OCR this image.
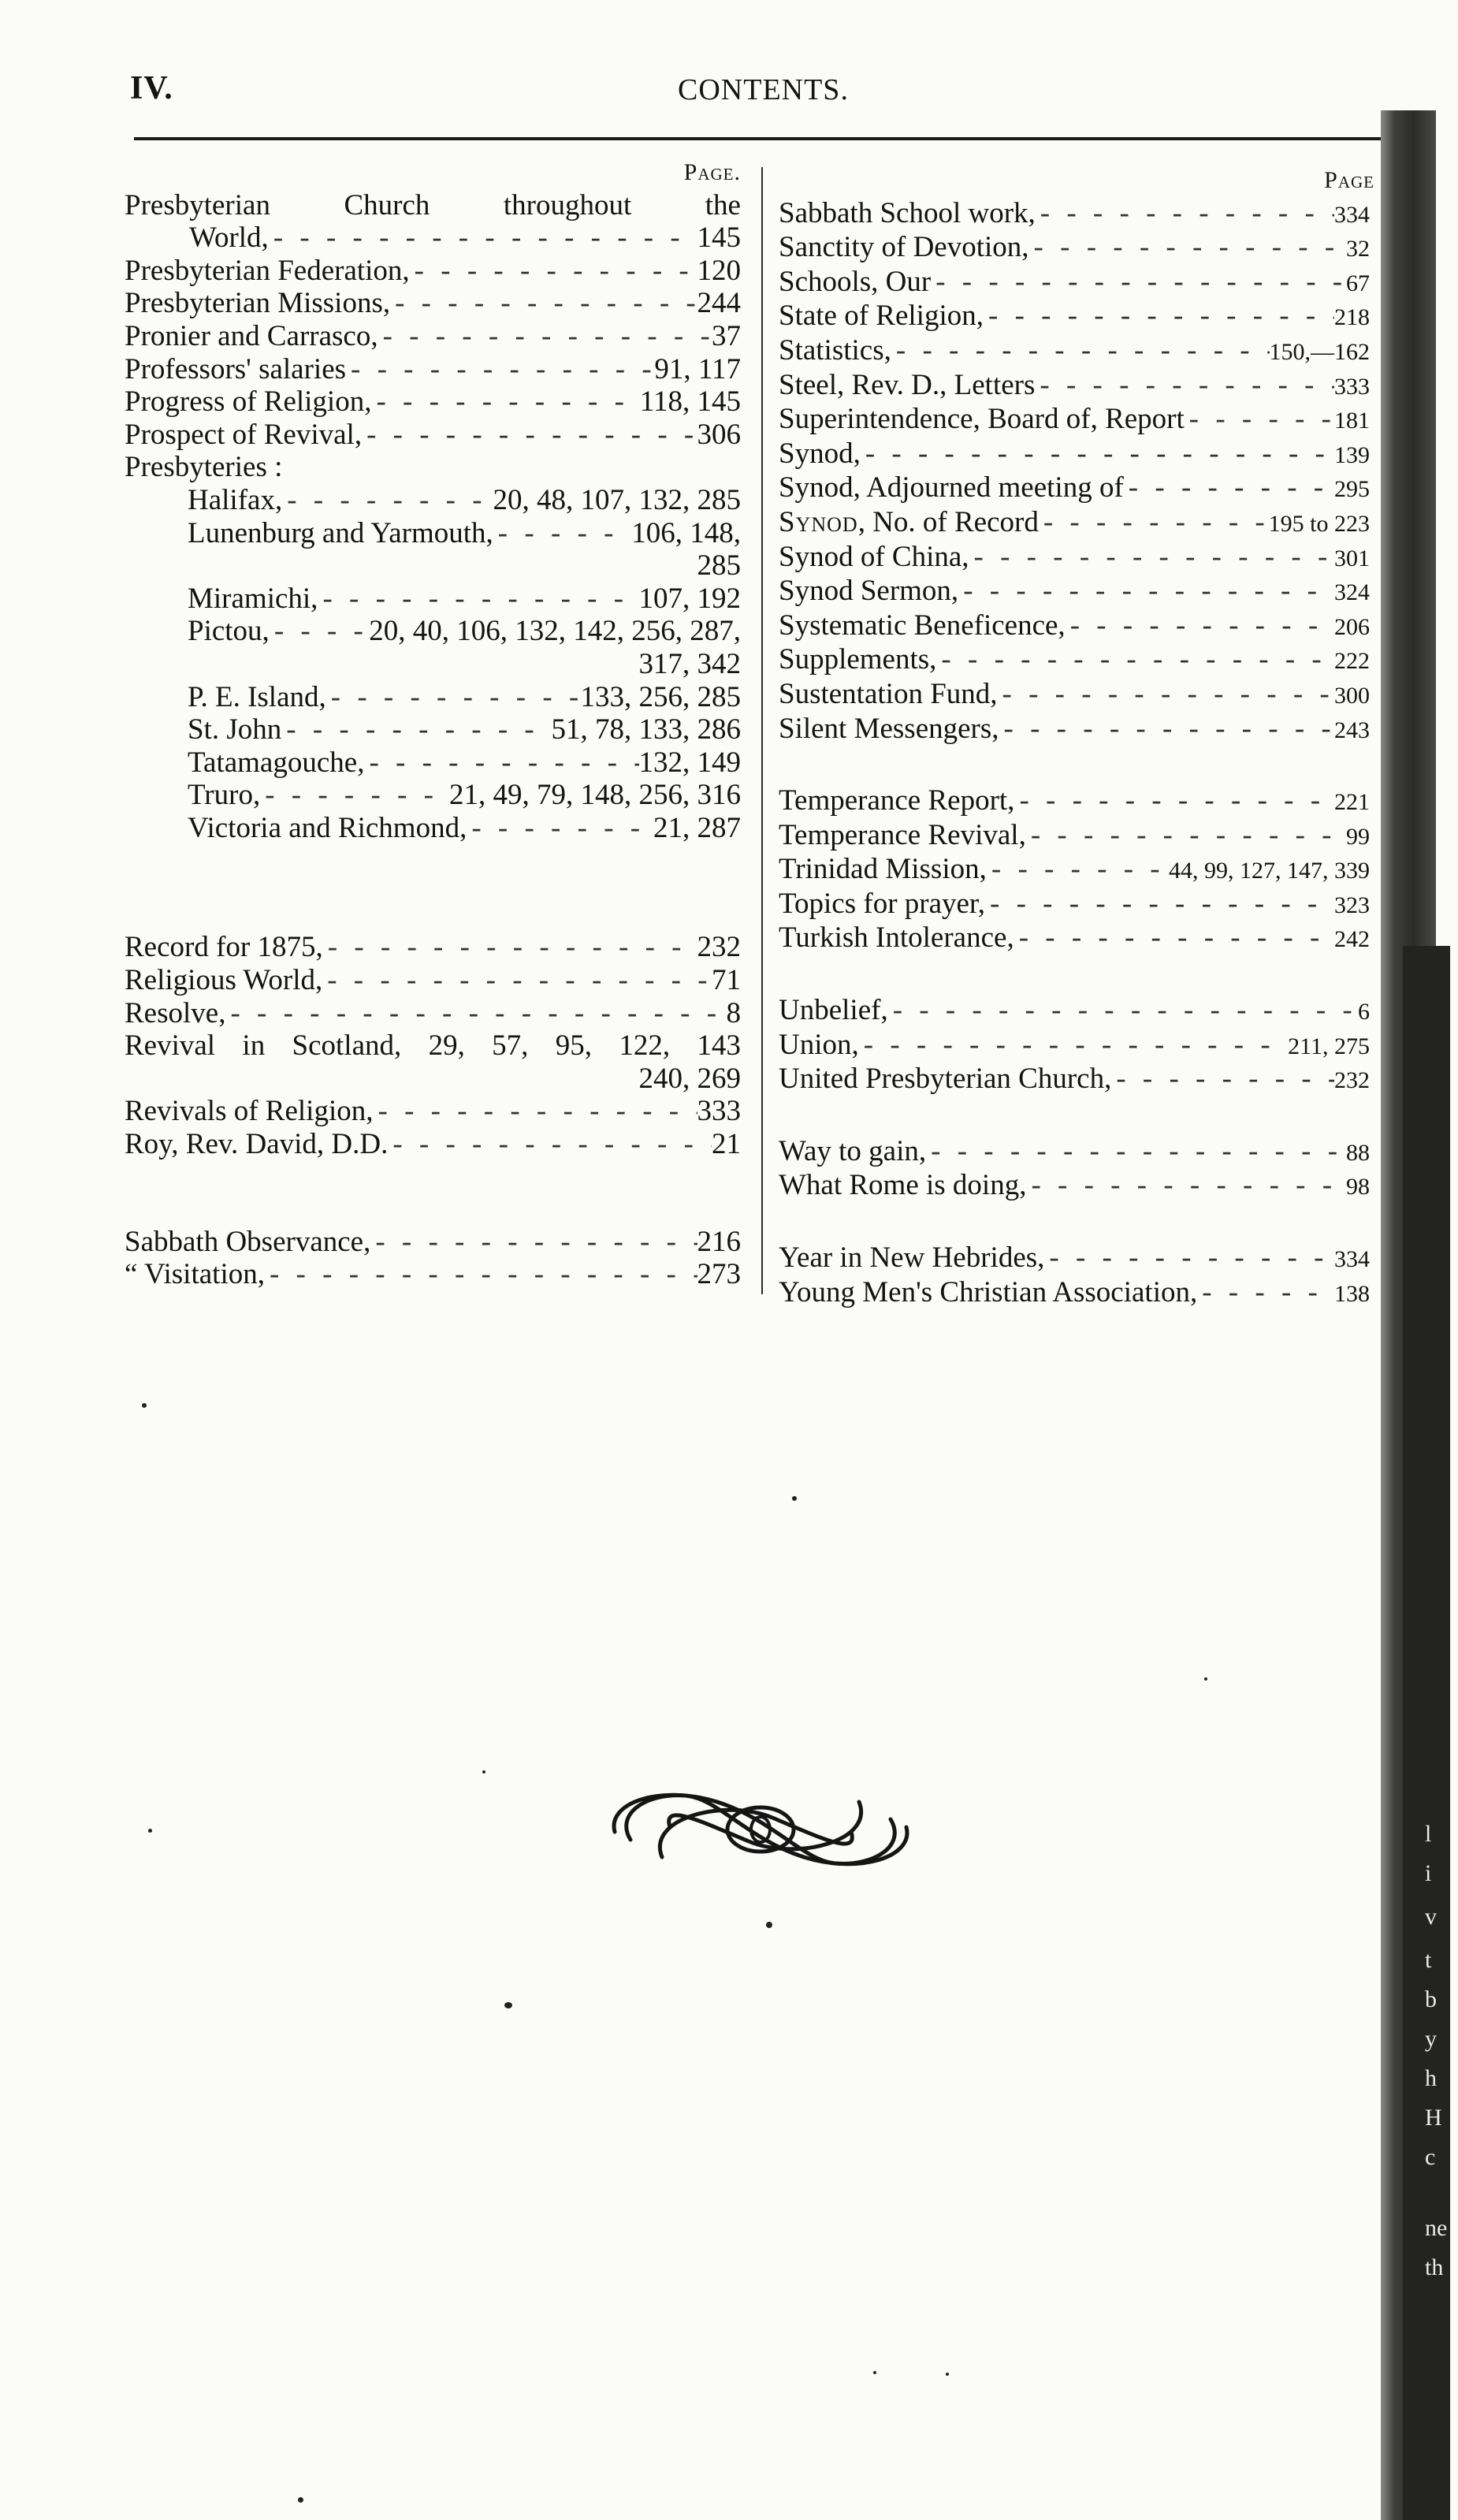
IV.	CONTENTS.
Page.
Presbyterian	Church	throughout	the
World, - -	145
Presbyterian Federation, - -	120
Presbyterian Missions, - -	244
Pronier and Carrasco, - -	37
Professors' salaries - -	91, 117
Progress of Religion, - -	118, 145
Prospect of Revival, - -	306
Presbyteries :
Halifax, - -	20, 48, 107, 132, 285
Lunenburg and Yarmouth, - -	106, 148,
285
Miramichi, - -	107, 192
Pictou, - -	20, 40, 106, 132, 142, 256, 287,
317, 342
P. E. Island, - -	133, 256, 285
St. John - -	51, 78, 133, 286
Tatamagouche, - -	132, 149
Truro, - -	21, 49, 79, 148, 256, 316
Victoria and Richmond, - -	21, 287
Record for 1875, - -	232
Religious World, - -	71
Resolve, - -	8
Revival in Scotland, 29, 57, 95, 122, 143
240, 269
Revivals of Religion, - -	333
Roy, Rev. David, D.D. - -	21
Sabbath Observance, - -	216
“ Visitation, - -	273
Page
Sabbath School work, - -	334
Sanctity of Devotion, - -	32
Schools, Our - -	67
State of Religion, - -	218
Statistics, - -	150,—162
Steel, Rev. D., Letters - -	333
Superintendence, Board of, Report - -	181
Synod, - -	139
Synod, Adjourned meeting of - -	295
Synod, No. of Record - -	195 to 223
Synod of China, - -	301
Synod Sermon, - -	324
Systematic Beneficence, - -	206
Supplements, - -	222
Sustentation Fund, - -	300
Silent Messengers, - -	243
Temperance Report, - -	221
Temperance Revival, - -	99
Trinidad Mission, - -	44, 99, 127, 147, 339
Topics for prayer, - -	323
Turkish Intolerance, - -	242
Unbelief, - -	6
Union, - -	211, 275
United Presbyterian Church, - -	232
Way to gain, - -	88
What Rome is doing, - -	98
Year in New Hebrides, - -	334
Young Men's Christian Association, - -	138
l
i
v
t
b
y
h
H
c
ne
th
